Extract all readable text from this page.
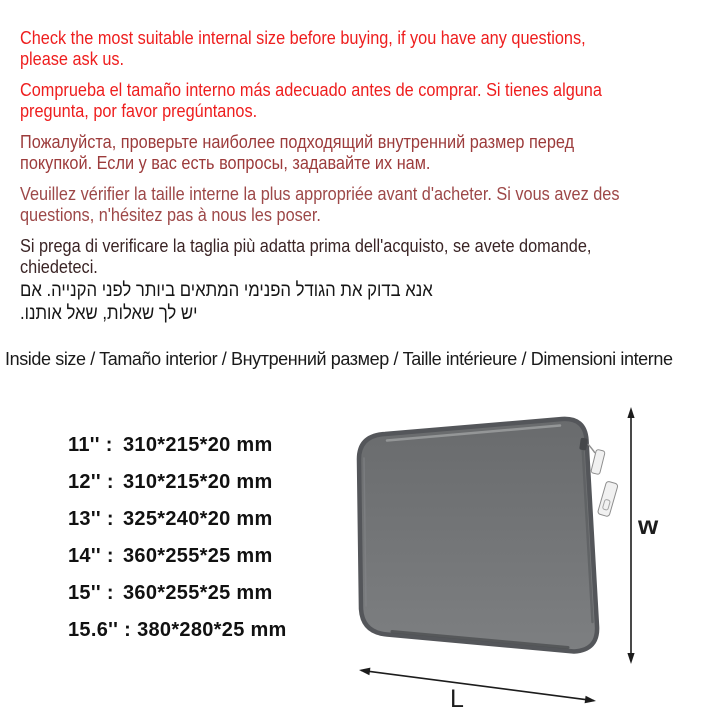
Check the most suitable internal size before buying, if you have any questions,
please ask us.

Comprueba el tamaño interno más adecuado antes de comprar. Si tienes alguna
pregunta, por favor pregúntanos.

Пожалуйста, проверьте наиболее подходящий внутренний размер перед
покупкой. Если у вас есть вопросы, задавайте их нам.

Veuillez vérifier la taille interne la plus appropriée avant d'acheter. Si vous avez des
questions, n'hésitez pas à nous les poser.

Si prega di verificare la taglia più adatta prima dell'acquisto, se avete domande,
chiedeteci.

אנא בדוק את הגודל הפנימי המתאים ביותר לפני הקנייה. אם
יש לך שאלות, שאל אותנו.

Inside size / Tamaño interior / Внутренний размер / Taille intérieure / Dimensioni interne
11'' : 310*215*20 mm
12'' : 310*215*20 mm
13'' : 325*240*20 mm
14'' : 360*255*25 mm
15'' : 360*255*25 mm
15.6'' : 380*280*25 mm
w
L
